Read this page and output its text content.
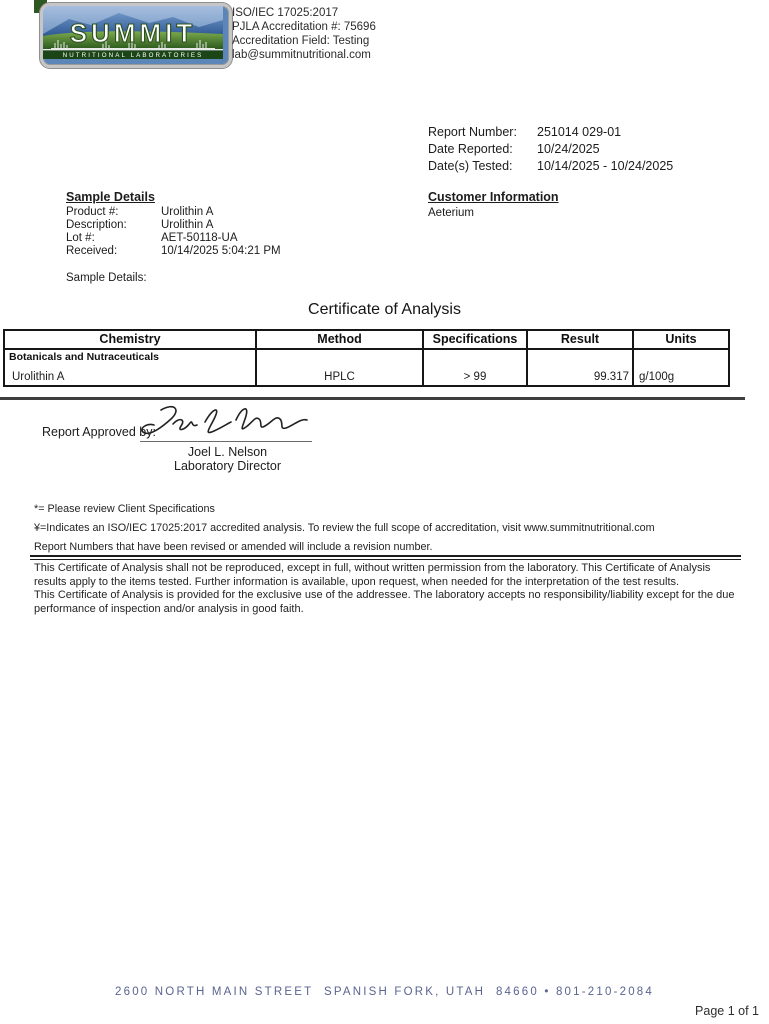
SUMMIT
NUTRITIONAL LABORATORIES
ISO/IEC 17025:2017
PJLA Accreditation #: 75696
Accreditation Field: Testing
lab@summitnutritional.com
Report Number:	251014 029-01
Date Reported:	10/24/2025
Date(s) Tested:	10/14/2025 - 10/24/2025
Sample Details
Product #:	Urolithin A
Description:	Urolithin A
Lot #:	AET-50118-UA
Received:	10/14/2025 5:04:21 PM
Sample Details:
Customer Information
Aeterium
Certificate of Analysis
Chemistry	Method	Specifications	Result	Units
Botanicals and Nutraceuticals				
Urolithin A	HPLC	> 99	99.317	g/100g
Report Approved by:
Joel L. Nelson
Laboratory Director
*= Please review Client Specifications
¥=Indicates an ISO/IEC 17025:2017 accredited analysis. To review the full scope of accreditation, visit www.summitnutritional.com
Report Numbers that have been revised or amended will include a revision number.

This Certificate of Analysis shall not be reproduced, except in full, without written permission from the laboratory. This Certificate of Analysis results apply to the items tested. Further information is available, upon request, when needed for the interpretation of the test results.

This Certificate of Analysis is provided for the exclusive use of the addressee. The laboratory accepts no responsibility/liability except for the due performance of inspection and/or analysis in good faith.

2600 NORTH MAIN STREET  SPANISH FORK, UTAH  84660 • 801-210-2084
Page 1 of 1
